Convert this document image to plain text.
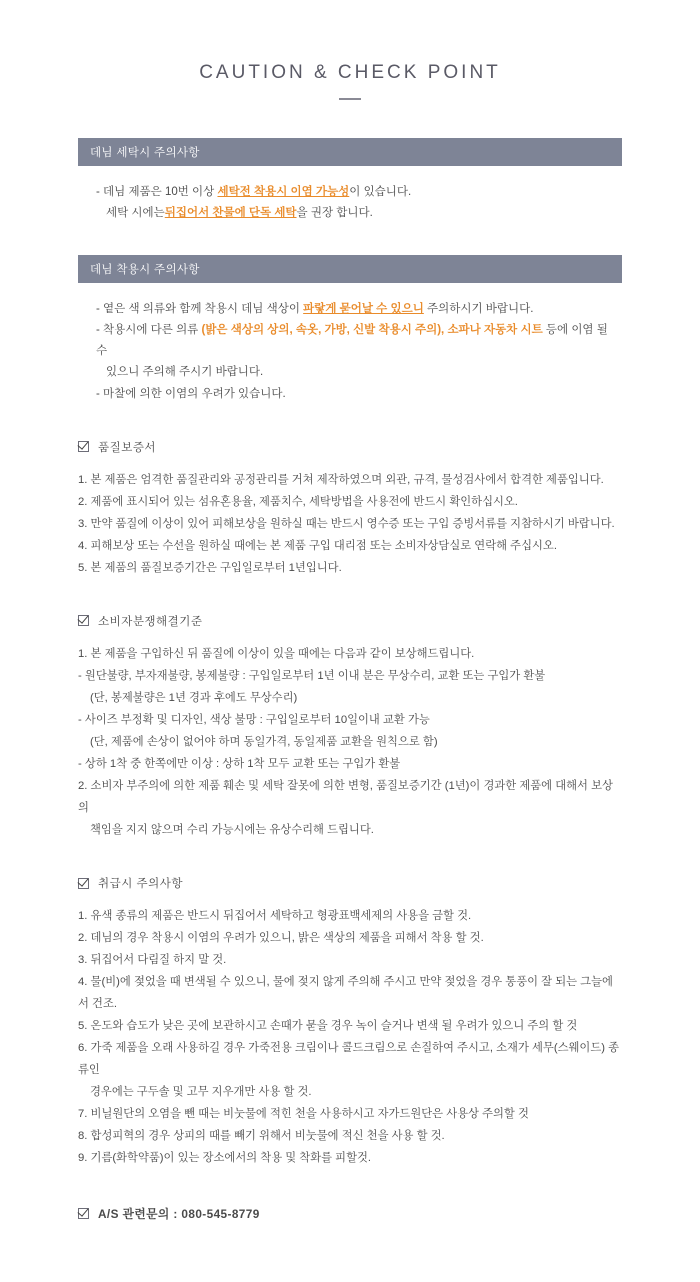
CAUTION & CHECK POINT
데님 세탁시 주의사항
- 데님 제품은 10번 이상 세탁전 착용시 이염 가능성이 있습니다.
세탁 시에는뒤집어서 찬물에 단독 세탁을 권장 합니다.
데님 착용시 주의사항
- 옅은 색 의류와 함께 착용시 데님 색상이 파랗게 묻어날 수 있으니 주의하시기 바랍니다.
- 착용시에 다른 의류 (밝은 색상의 상의, 속옷, 가방, 신발 착용시 주의), 소파나 자동차 시트 등에 이염 될 수
있으니 주의해 주시기 바랍니다.
- 마찰에 의한 이염의 우려가 있습니다.
품질보증서
1. 본 제품은 엄격한 품질관리와 공정관리를 거쳐 제작하였으며 외관, 규격, 물성검사에서 합격한 제품입니다.
2. 제품에 표시되어 있는 섬유혼용율, 제품치수, 세탁방법을 사용전에 반드시 확인하십시오.
3. 만약 품질에 이상이 있어 피해보상을 원하실 때는 반드시 영수증 또는 구입 증빙서류를 지참하시기 바랍니다.
4. 피해보상 또는 수선을 원하실 때에는 본 제품 구입 대리점 또는 소비자상담실로 연락해 주십시오.
5. 본 제품의 품질보증기간은 구입일로부터 1년입니다.
소비자분쟁해결기준
1. 본 제품을 구입하신 뒤 품질에 이상이 있을 때에는 다음과 같이 보상해드립니다.
- 원단불량, 부자재불량, 봉제불량 : 구입일로부터 1년 이내 분은 무상수리, 교환 또는 구입가 환불
(단, 봉제불량은 1년 경과 후에도 무상수리)
- 사이즈 부정확 및 디자인, 색상 불망 : 구입일로부터 10일이내 교환 가능
(단, 제품에 손상이 없어야 하며 동일가격, 동일제품 교환을 원칙으로 함)
- 상하 1착 중 한쪽에만 이상 : 상하 1착 모두 교환 또는 구입가 환불
2. 소비자 부주의에 의한 제품 훼손 및 세탁 잘못에 의한 변형, 품질보증기간 (1년)이 경과한 제품에 대해서 보상의
책임을 지지 않으며 수리 가능시에는 유상수리해 드립니다.
취급시 주의사항
1. 유색 종류의 제품은 반드시 뒤집어서 세탁하고 형광표백세제의 사용을 금할 것.
2. 데님의 경우 착용시 이염의 우려가 있으니, 밝은 색상의 제품을 피해서 착용 할 것.
3. 뒤집어서 다림질 하지 말 것.
4. 물(비)에 젖었을 때 변색될 수 있으니, 물에 젖지 않게 주의해 주시고 만약 젖었을 경우 통풍이 잘 되는 그늘에서 건조.
5. 온도와 습도가 낮은 곳에 보관하시고 손때가 묻을 경우 녹이 슬거나 변색 될 우려가 있으니 주의 할 것
6. 가죽 제품을 오래 사용하길 경우 가죽전용 크림이나 콜드크림으로 손질하여 주시고, 소재가 세무(스웨이드) 종류인
경우에는 구두솔 및 고무 지우개만 사용 할 것.
7. 비닐원단의 오염을 뺀 때는 비눗물에 적힌 천을 사용하시고 자가드원단은 사용상 주의할 것
8. 합성피혁의 경우 상피의 때를 빼기 위해서 비눗물에 적신 천을 사용 할 것.
9. 기름(화학약품)이 있는 장소에서의 착용 및 착화를 피할것.
A/S 관련문의 : 080-545-8779
